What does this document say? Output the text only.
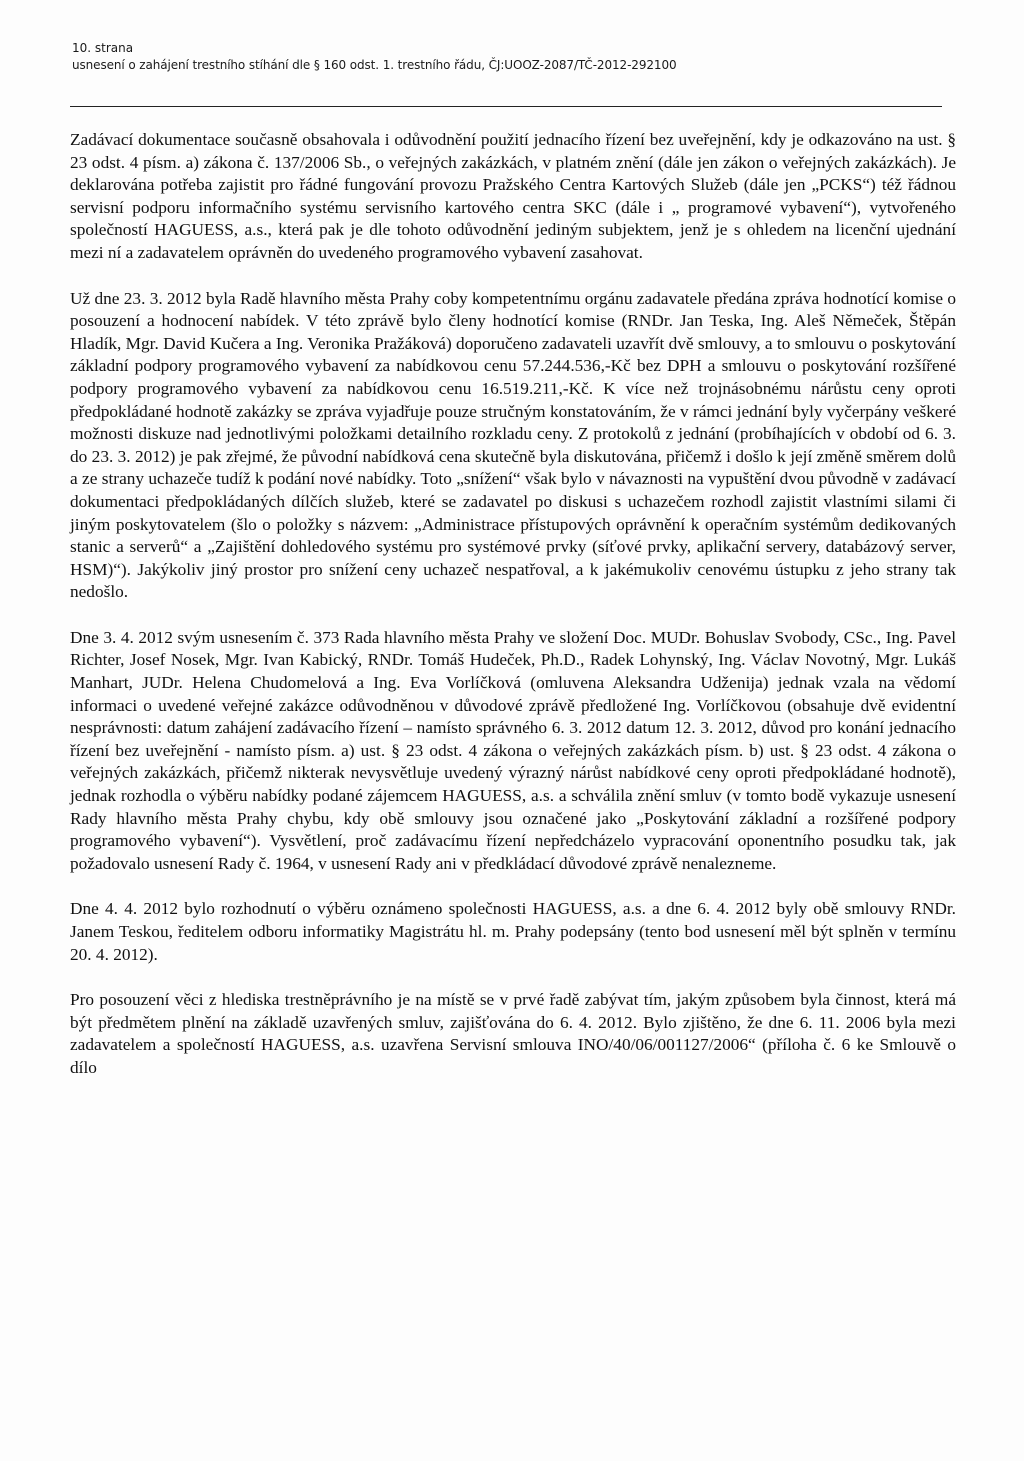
10. strana
usnesení o zahájení trestního stíhání dle § 160 odst. 1. trestního řádu, ČJ:UOOZ-2087/TČ-2012-292100

Zadávací dokumentace současně obsahovala i odůvodnění použití jednacího řízení bez uveřejnění, kdy je odkazováno na ust. § 23 odst. 4 písm. a) zákona č. 137/2006 Sb., o veřejných zakázkách, v platném znění (dále jen zákon o veřejných zakázkách). Je deklarována potřeba zajistit pro řádné fungování provozu Pražského Centra Kartových Služeb (dále jen „PCKS“) též řádnou servisní podporu informačního systému servisního kartového centra SKC (dále i „ programové vybavení“), vytvořeného společností HAGUESS, a.s., která pak je dle tohoto odůvodnění jediným subjektem, jenž je s ohledem na licenční ujednání mezi ní a zadavatelem oprávněn do uvedeného programového vybavení zasahovat.

Už dne 23. 3. 2012 byla Radě hlavního města Prahy coby kompetentnímu orgánu zadavatele předána zpráva hodnotící komise o posouzení a hodnocení nabídek. V této zprávě bylo členy hodnotící komise (RNDr. Jan Teska, Ing. Aleš Němeček, Štěpán Hladík, Mgr. David Kučera a Ing. Veronika Pražáková) doporučeno zadavateli uzavřít dvě smlouvy, a to smlouvu o poskytování základní podpory programového vybavení za nabídkovou cenu 57.244.536,-Kč bez DPH a smlouvu o poskytování rozšířené podpory programového vybavení za nabídkovou cenu 16.519.211,-Kč. K více než trojnásobnému nárůstu ceny oproti předpokládané hodnotě zakázky se zpráva vyjadřuje pouze stručným konstatováním, že v rámci jednání byly vyčerpány veškeré možnosti diskuze nad jednotlivými položkami detailního rozkladu ceny. Z protokolů z jednání (probíhajících v období od 6. 3. do 23. 3. 2012) je pak zřejmé, že původní nabídková cena skutečně byla diskutována, přičemž i došlo k její změně směrem dolů a ze strany uchazeče tudíž k podání nové nabídky. Toto „snížení“ však bylo v návaznosti na vypuštění dvou původně v zadávací dokumentaci předpokládaných dílčích služeb, které se zadavatel po diskusi s uchazečem rozhodl zajistit vlastními silami či jiným poskytovatelem (šlo o položky s názvem: „Administrace přístupových oprávnění k operačním systémům dedikovaných stanic a serverů“ a „Zajištění dohledového systému pro systémové prvky (síťové prvky, aplikační servery, databázový server, HSM)“). Jakýkoliv jiný prostor pro snížení ceny uchazeč nespatřoval, a k jakémukoliv cenovému ústupku z jeho strany tak nedošlo.

Dne 3. 4. 2012 svým usnesením č. 373 Rada hlavního města Prahy ve složení Doc. MUDr. Bohuslav Svobody, CSc., Ing. Pavel Richter, Josef Nosek, Mgr. Ivan Kabický, RNDr. Tomáš Hudeček, Ph.D., Radek Lohynský, Ing. Václav Novotný, Mgr. Lukáš Manhart, JUDr. Helena Chudomelová a Ing. Eva Vorlíčková (omluvena Aleksandra Udženija) jednak vzala na vědomí informaci o uvedené veřejné zakázce odůvodněnou v důvodové zprávě předložené Ing. Vorlíčkovou (obsahuje dvě evidentní nesprávnosti: datum zahájení zadávacího řízení – namísto správného 6. 3. 2012 datum 12. 3. 2012, důvod pro konání jednacího řízení bez uveřejnění - namísto písm. a) ust. § 23 odst. 4 zákona o veřejných zakázkách písm. b) ust. § 23 odst. 4 zákona o veřejných zakázkách, přičemž nikterak nevysvětluje uvedený výrazný nárůst nabídkové ceny oproti předpokládané hodnotě), jednak rozhodla o výběru nabídky podané zájemcem HAGUESS, a.s. a schválila znění smluv (v tomto bodě vykazuje usnesení Rady hlavního města Prahy chybu, kdy obě smlouvy jsou označené jako „Poskytování základní a rozšířené podpory programového vybavení“). Vysvětlení, proč zadávacímu řízení nepředcházelo vypracování oponentního posudku tak, jak požadovalo usnesení Rady č. 1964, v usnesení Rady ani v předkládací důvodové zprávě nenalezneme.

Dne 4. 4. 2012 bylo rozhodnutí o výběru oznámeno společnosti HAGUESS, a.s. a dne 6. 4. 2012 byly obě smlouvy RNDr. Janem Teskou, ředitelem odboru informatiky Magistrátu hl. m. Prahy podepsány (tento bod usnesení měl být splněn v termínu 20. 4. 2012).

Pro posouzení věci z hlediska trestněprávního je na místě se v prvé řadě zabývat tím, jakým způsobem byla činnost, která má být předmětem plnění na základě uzavřených smluv, zajišťována do 6. 4. 2012. Bylo zjištěno, že dne 6. 11. 2006 byla mezi zadavatelem a společností HAGUESS, a.s. uzavřena Servisní smlouva INO/40/06/001127/2006“ (příloha č. 6 ke Smlouvě o dílo
